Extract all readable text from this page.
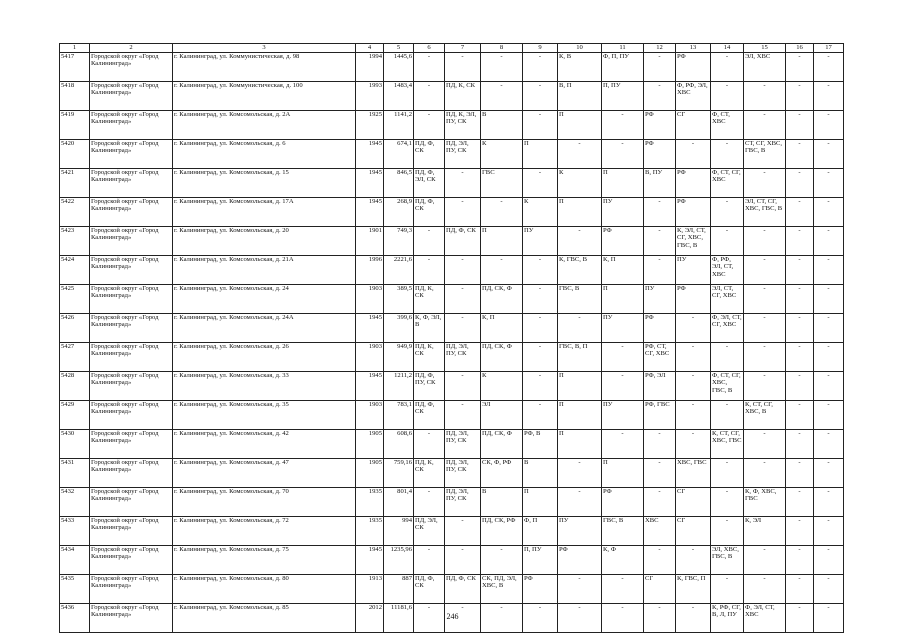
1	2	3	4	5	6	7	8	9	10	11	12	13	14	15	16	17
5417	Городской округ «Город Калининград»	г. Калининград, ул. Коммунистическая, д. 98	1994	1445,6	-	-	-	-	К, В	Ф, П, ПУ	-	РФ	-	ЭЛ, ХВС	-	-
5418	Городской округ «Город Калининград»	г. Калининград, ул. Коммунистическая, д. 100	1993	1483,4	-	ПД, К, СК	-	-	В, П	П, ПУ	-	Ф, РФ, ЭЛ, ХВС	-	-	-	-
5419	Городской округ «Город Калининград»	г. Калининград, ул. Комсомольская, д. 2А	1925	1141,2	-	ПД, К, ЭЛ, ПУ, СК	В	-	П	-	РФ	СГ	Ф, СТ, ХВС	-	-	-
5420	Городской округ «Город Калининград»	г. Калининград, ул. Комсомольская, д. 6	1945	674,1	ПД, Ф, СК	ПД, ЭЛ, ПУ, СК	К	П	-	-	РФ	-	-	СТ, СГ, ХВС, ГВС, В	-	-
5421	Городской округ «Город Калининград»	г. Калининград, ул. Комсомольская, д. 15	1945	846,5	ПД, Ф, ЭЛ, СК	-	ГВС	-	К	П	В, ПУ	РФ	Ф, СТ, СГ, ХВС	-	-	-
5422	Городской округ «Город Калининград»	г. Калининград, ул. Комсомольская, д. 17А	1945	268,9	ПД, Ф, СК	-	-	К	П	ПУ	-	РФ	-	ЭЛ, СТ, СГ, ХВС, ГВС, В	-	-
5423	Городской округ «Город Калининград»	г. Калининград, ул. Комсомольская, д. 20	1901	749,3	-	ПД, Ф, СК	П	ПУ	-	РФ	-	К, ЭЛ, СТ, СГ, ХВС, ГВС, В	-	-	-	-
5424	Городской округ «Город Калининград»	г. Калининград, ул. Комсомольская, д. 21А	1996	2221,6	-	-	-	-	К, ГВС, В	К, П	-	ПУ	Ф, РФ, ЭЛ, СТ, ХВС	-	-	-
5425	Городской округ «Город Калининград»	г. Калининград, ул. Комсомольская, д. 24	1903	389,5	ПД, К, СК	-	ПД, СК, Ф	-	ГВС, В	П	ПУ	РФ	ЭЛ, СТ, СГ, ХВС	-	-	-
5426	Городской округ «Город Калининград»	г. Калининград, ул. Комсомольская, д. 24А	1945	399,6	К, Ф, ЭЛ, В	-	К, П	-	-	ПУ	РФ	-	Ф, ЭЛ, СТ, СГ, ХВС	-	-	-
5427	Городской округ «Город Калининград»	г. Калининград, ул. Комсомольская, д. 26	1903	949,9	ПД, К, СК	ПД, ЭЛ, ПУ, СК	ПД, СК, Ф	-	ГВС, В, П	-	РФ, СТ, СГ, ХВС	-	-	-	-	-
5428	Городской округ «Город Калининград»	г. Калининград, ул. Комсомольская, д. 33	1945	1211,2	ПД, Ф, ПУ, СК	-	К	-	П	-	РФ, ЭЛ	-	Ф, СТ, СГ, ХВС, ГВС, В	-	-	-
5429	Городской округ «Город Калининград»	г. Калининград, ул. Комсомольская, д. 35	1903	783,1	ПД, Ф, СК	-	ЭЛ	-	П	ПУ	РФ, ГВС	-	-	К, СТ, СГ, ХВС, В	-	-
5430	Городской округ «Город Калининград»	г. Калининград, ул. Комсомольская, д. 42	1905	608,6	-	ПД, ЭЛ, ПУ, СК	ПД, СК, Ф	РФ, В	П	-	-	-	К, СТ, СГ, ХВС, ГВС	-	-	-
5431	Городской округ «Город Калининград»	г. Калининград, ул. Комсомольская, д. 47	1905	759,16	ПД, К, СК	ПД, ЭЛ, ПУ, СК	СК, Ф, РФ	В	-	П	-	ХВС, ГВС	-	-	-	-
5432	Городской округ «Город Калининград»	г. Калининград, ул. Комсомольская, д. 70	1935	801,4	-	ПД, ЭЛ, ПУ, СК	В	П	-	РФ	-	СГ	-	К, Ф, ХВС, ГВС	-	-
5433	Городской округ «Город Калининград»	г. Калининград, ул. Комсомольская, д. 72	1935	994	ПД, ЭЛ, СК	-	ПД, СК, РФ	Ф, П	ПУ	ГВС, В	ХВС	СГ	-	К, ЭЛ	-	-
5434	Городской округ «Город Калининград»	г. Калининград, ул. Комсомольская, д. 75	1945	1235,96	-	-	-	П, ПУ	РФ	К, Ф	-	-	ЭЛ, ХВС, ГВС, В	-	-	-
5435	Городской округ «Город Калининград»	г. Калининград, ул. Комсомольская, д. 80	1913	887	ПД, Ф, СК	ПД, Ф, СК	СК, ПД, ЭЛ, ХВС, В	РФ	-	-	СГ	К, ГВС, П	-	-	-	-
5436	Городской округ «Город Калининград»	г. Калининград, ул. Комсомольская, д. 85	2012	11181,6	-	-	-	-	-	-	-	-	К, РФ, СГ, В, Л, ПУ	Ф, ЭЛ, СТ, ХВС	-	-
246
